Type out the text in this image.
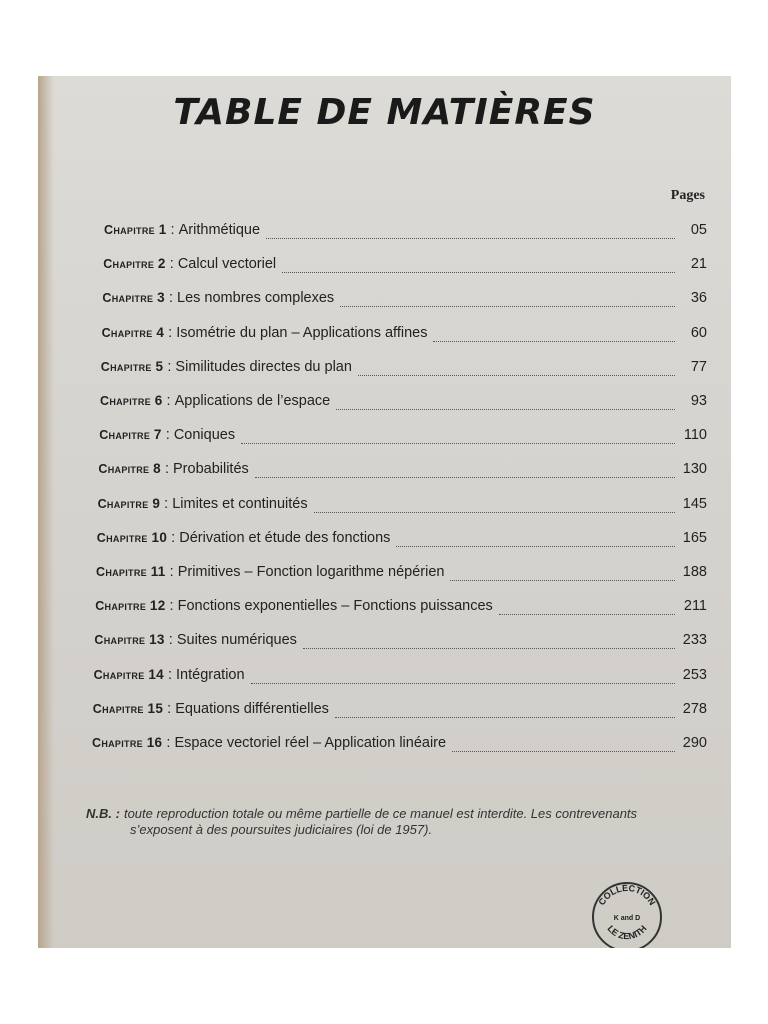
TABLE DE MATIÈRES
Pages
Chapitre 1 : Arithmétique	05
Chapitre 2 : Calcul vectoriel	21
Chapitre 3 : Les nombres complexes	36
Chapitre 4 : Isométrie du plan – Applications affines	60
Chapitre 5 : Similitudes directes du plan	77
Chapitre 6 : Applications de l’espace	93
Chapitre 7 : Coniques	110
Chapitre 8 : Probabilités	130
Chapitre 9 : Limites et continuités	145
Chapitre 10 : Dérivation et étude des fonctions	165
Chapitre 11 : Primitives – Fonction logarithme népérien	188
Chapitre 12 : Fonctions exponentielles – Fonctions puissances	211
Chapitre 13 : Suites numériques	233
Chapitre 14 : Intégration	253
Chapitre 15 : Equations différentielles	278
Chapitre 16 : Espace vectoriel réel – Application linéaire	290
N.B. : toute reproduction totale ou même partielle de ce manuel est interdite. Les contrevenants
s’exposent à des poursuites judiciaires (loi de 1957).
COLLECTION
K and D
LE ZENITH
